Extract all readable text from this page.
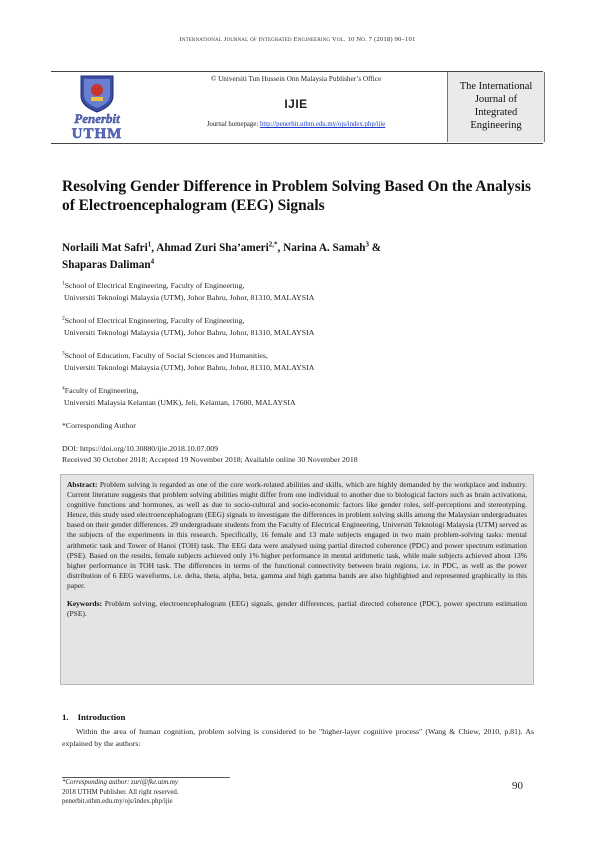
International Journal of Integrated Engineering Vol. 10 No. 7 (2018) 90–101
Penerbit
UTHM
© Universiti Tun Hussein Onn Malaysia Publisher’s Office
IJIE
Journal homepage: http://penerbit.uthm.edu.my/ojs/index.php/ijie
The International
Journal of
Integrated
Engineering
Resolving Gender Difference in Problem Solving Based On the Analysis of Electroencephalogram (EEG) Signals
Norlaili Mat Safri$^1$, Ahmad Zuri Sha’ameri$^{2,*}$, Narina A. Samah$^3$ &
Shaparas Daliman$^4$
$^1$School of Electrical Engineering, Faculty of Engineering,
Universiti Teknologi Malaysia (UTM), Johor Bahru, Johor, 81310, MALAYSIA
$^2$School of Electrical Engineering, Faculty of Engineering,
Universiti Teknologi Malaysia (UTM), Johor Bahru, Johor, 81310, MALAYSIA
$^3$School of Education, Faculty of Social Sciences and Humanities,
Universiti Teknologi Malaysia (UTM), Johor Bahru, Johor, 81310, MALAYSIA
$^4$Faculty of Engineering,
Universiti Malaysia Kelantan (UMK), Jeli, Kelantan, 17600, MALAYSIA
*Corresponding Author
DOI: https://doi.org/10.30880/ijie.2018.10.07.009
Received 30 October 2018; Accepted 19 November 2018; Available online 30 November 2018
Abstract: Problem solving is regarded as one of the core work-related abilities and skills, which are highly demanded by the workplace and industry. Current literature suggests that problem solving abilities might differ from one individual to another due to biological factors such as brain activationa, cognitive functions and hormones, as well as due to socio-cultural and socio-economic factors like gender roles, self-perceptions and stereotyping. Hence, this study used electroencephalogram (EEG) signals to investigate the differences in problem solving skills among the Malaysian undergraduates based on their gender differences. 29 undergraduate students from the Faculty of Electrical Engineering, Universiti Teknologi Malaysia (UTM) served as the subjects of the experiments in this research. Specifically, 16 female and 13 male subjects engaged in two main problem-solving tasks: mental arithmetic task and Tower of Hanoi (TOH) task. The EEG data were analysed using partial directed coherence (PDC) and power spectrum estimation (PSE). Based on the results, female subjects achieved only 1% higher performance in mental arithmetic task, while male subjects achieved about 13% higher performance in TOH task. The differences in terms of the functional connectivity between brain regions, i.e. in PDC, as well as the power distribution of 6 EEG waveforms, i.e. delta, theta, alpha, beta, gamma and high gamma bands are also highlighted and represented graphically in this paper.
Keywords: Problem solving, electroencephalogram (EEG) signals, gender differences, partial directed coherence (PDC), power spectrum estimation (PSE).
1. Introduction
Within the area of human cognition, problem solving is considered to be "higher-layer cognitive process" (Wang & Chiew, 2010, p.81). As explained by the authors:
*Corresponding author: zuri@fke.utm.my
2018 UTHM Publisher. All right reserved.
penerbit.uthm.edu.my/ojs/index.php/ijie
90
